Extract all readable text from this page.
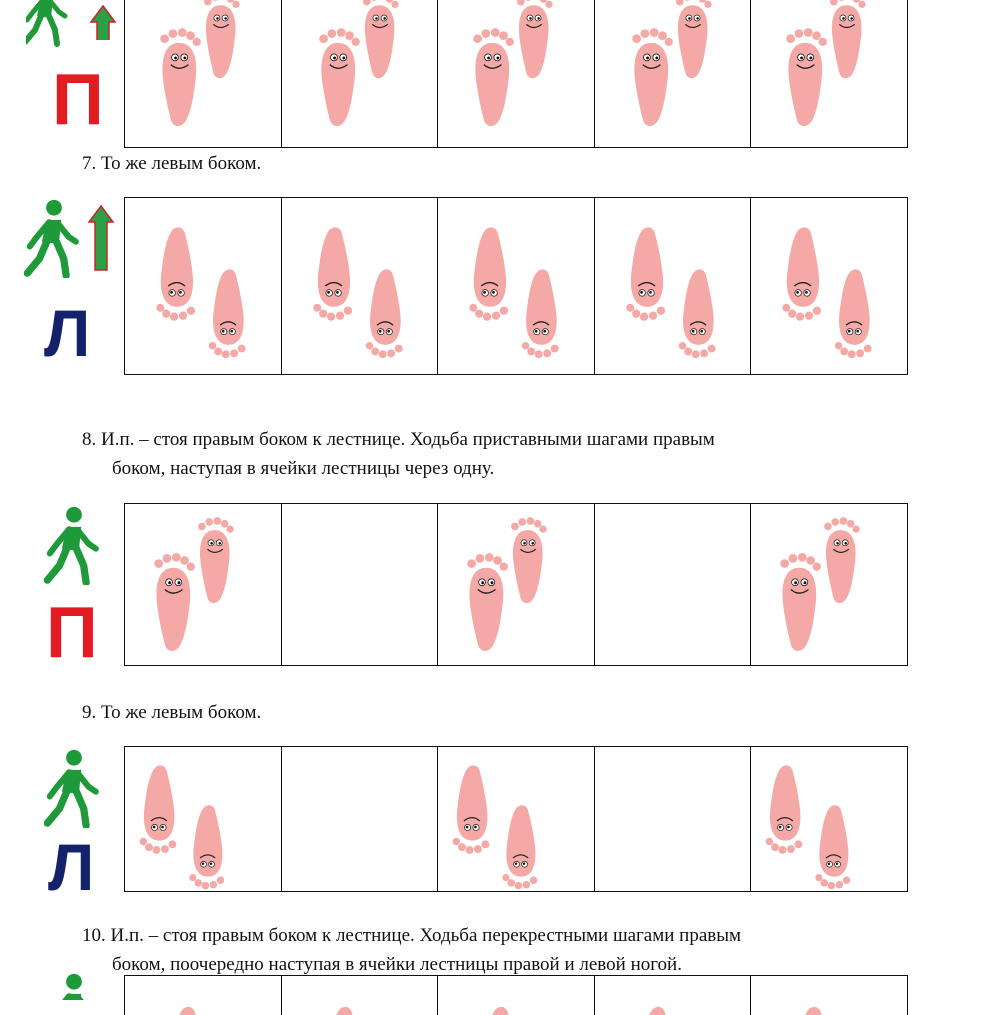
П

7. То же левым боком.

Л

8. И.п. – стоя правым боком к лестнице. Ходьба приставными шагами правым
боком, наступая в ячейки лестницы через одну.

П

9. То же левым боком.

Л

10. И.п. – стоя правым боком к лестнице. Ходьба перекрестными шагами правым
боком, поочередно наступая в ячейки лестницы правой и левой ногой.
